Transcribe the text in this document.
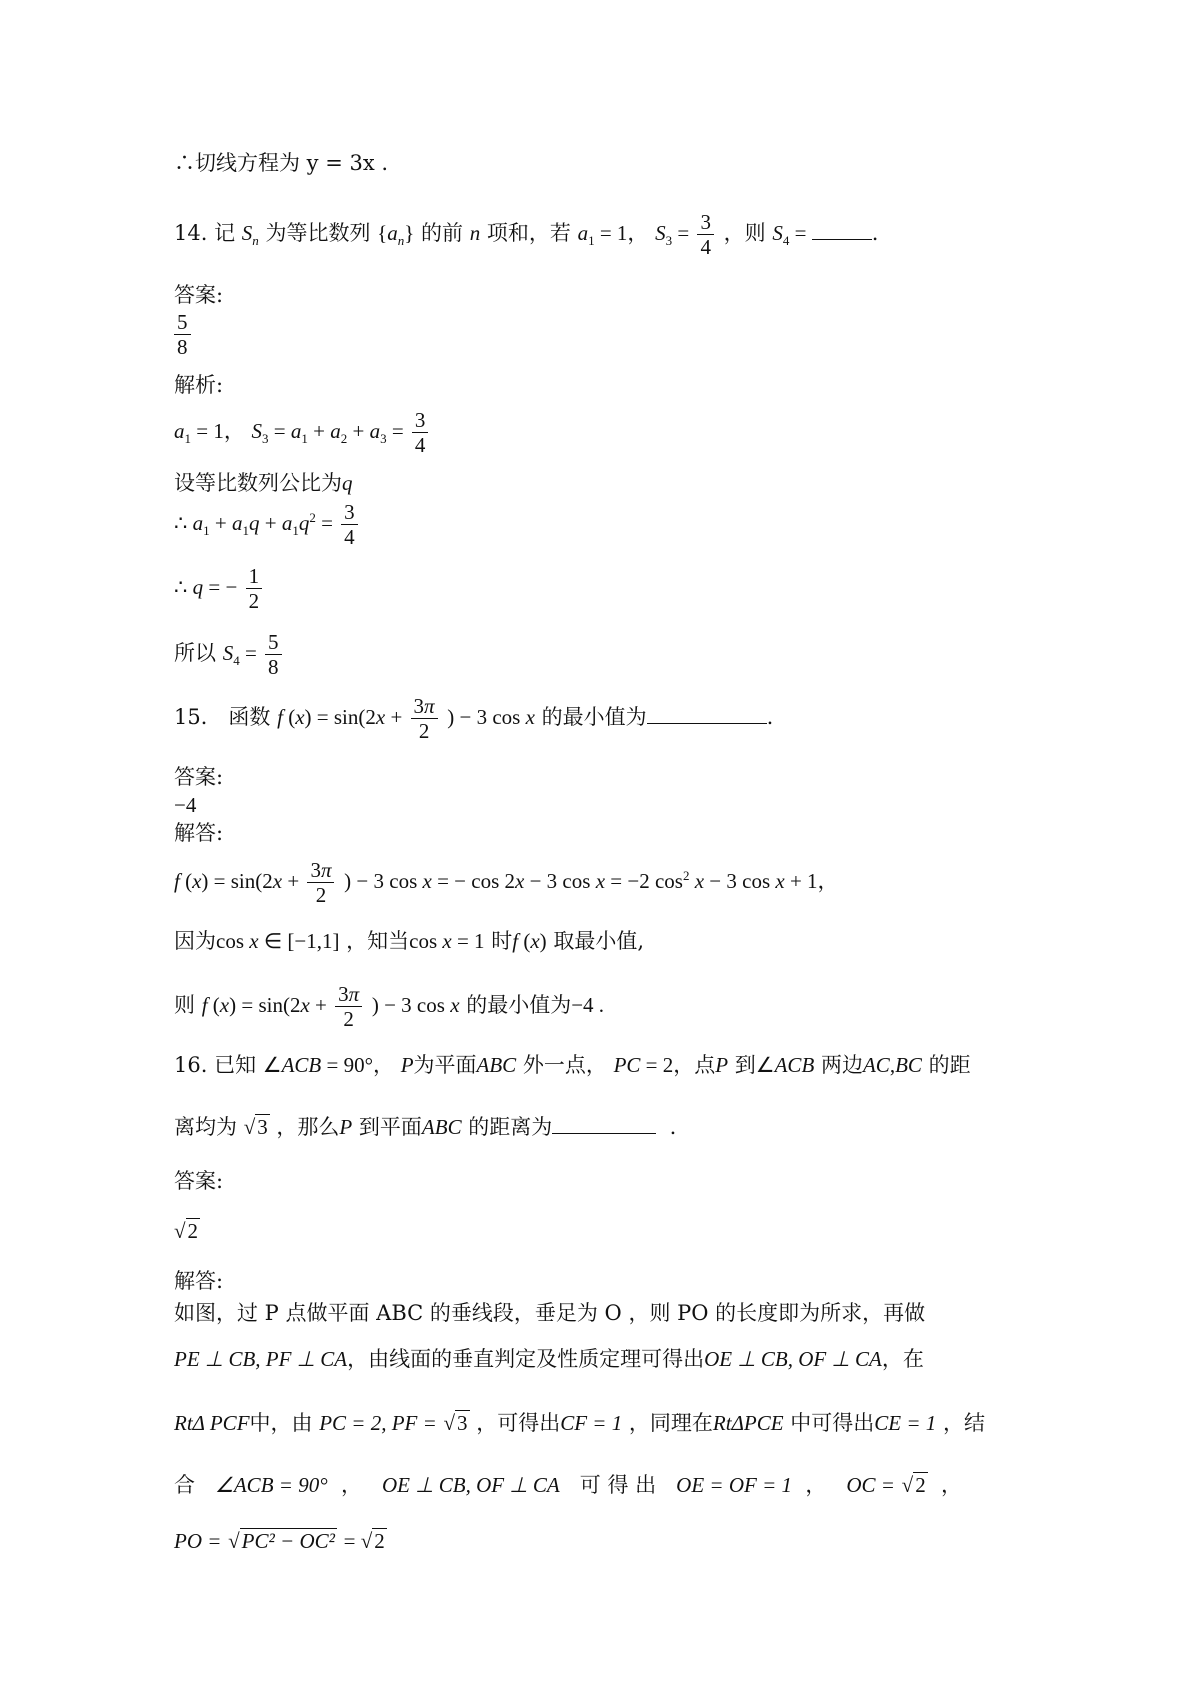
∴切线方程为 y = 3x .
14. 记 $S_n$ 为等比数列 $\{a_n\}$ 的前 n 项和，若 $a_1 = 1$， $S_3 = \frac{3}{4}$ ，则 $S_4$ =	.
答案:
$\frac{5}{8}$
解析:
$a_1 = 1$， $S_3 = a_1 + a_2 + a_3 = \frac{3}{4}$
设等比数列公比为q
∴ $a_1 + a_1q + a_1q^2 = \frac{3}{4}$
∴ q = − $\frac{1}{2}$
所以 $S_4 = \frac{5}{8}$
15． 函数 f $(x) = \sin(2x + \frac{3\pi}{2}$ ) − 3 cos x 的最小值为	.
答案:
−4
解答:
f $(x) = \sin(2x + \frac{3\pi}{2}$ ) − 3 cos x = − cos 2x − 3 cos x = −2 $\cos^2 x - 3$ cos x + 1，
因为cos x ∈ [−1,1] ，知当cos x = 1 时f (x) 取最小值,
则 f $(x) = \sin(2x + \frac{3\pi}{2}$ ) − 3 cos x 的最小值为−4 .
16. 已知 ∠ACB = 90°， P为平面ABC 外一点， PC = 2，点P 到∠ACB 两边AC,BC 的距
离均为 √3 ，那么P 到平面ABC 的距离为	.
答案:
√2
解答:
如图，过 P 点做平面 ABC 的垂线段，垂足为 O ，则 PO 的长度即为所求，再做
PE ⊥ CB, PF ⊥ CA，由线面的垂直判定及性质定理可得出OE ⊥ CB, OF ⊥ CA，在
RtΔ PCF中，由 PC = 2, PF = √3 ，可得出CF = 1 ，同理在RtΔPCE 中可得出CE = 1 ，结
合 ∠ACB = 90° ， OE ⊥ CB, OF ⊥ CA 可 得 出 OE = OF = 1 ， OC = √2 ，
PO = √PC² − OC² = √2
